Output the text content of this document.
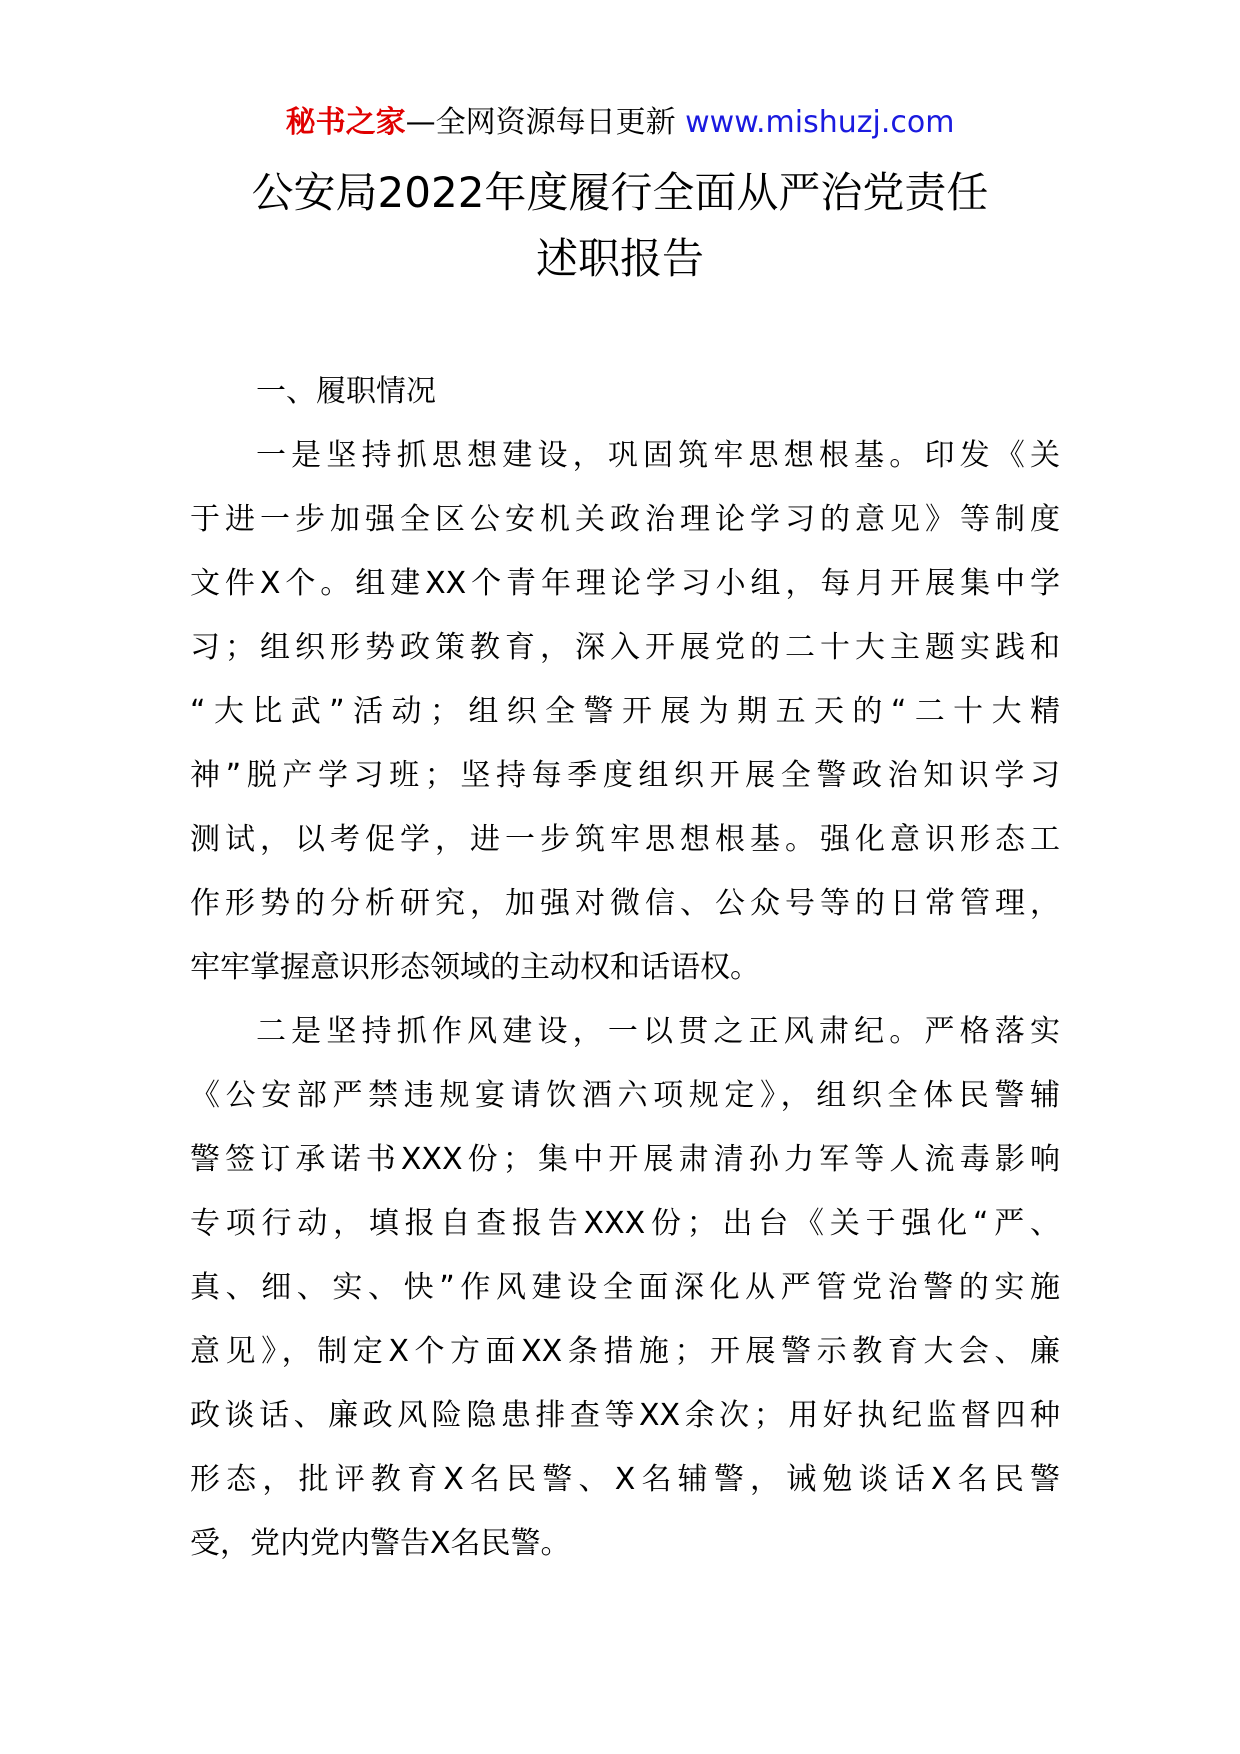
秘书之家—全网资源每日更新 www.mishuzj.com
公安局2022年度履行全面从严治党责任
述职报告
一、履职情况
一是坚持抓思想建设，巩固筑牢思想根基。印发《关
于进一步加强全区公安机关政治理论学习的意见》等制度
文件X个。组建XX个青年理论学习小组，每月开展集中学
习；组织形势政策教育，深入开展党的二十大主题实践和
“大比武”活动；组织全警开展为期五天的“二十大精
神”脱产学习班；坚持每季度组织开展全警政治知识学习
测试，以考促学，进一步筑牢思想根基。强化意识形态工
作形势的分析研究，加强对微信、公众号等的日常管理，
牢牢掌握意识形态领域的主动权和话语权。
二是坚持抓作风建设，一以贯之正风肃纪。严格落实
《公安部严禁违规宴请饮酒六项规定》，组织全体民警辅
警签订承诺书XXX份；集中开展肃清孙力军等人流毒影响
专项行动，填报自查报告XXX份；出台《关于强化“严、
真、细、实、快”作风建设全面深化从严管党治警的实施
意见》，制定X个方面XX条措施；开展警示教育大会、廉
政谈话、廉政风险隐患排查等XX余次；用好执纪监督四种
形态，批评教育X名民警、X名辅警，诫勉谈话X名民警
受，党内党内警告X名民警。
